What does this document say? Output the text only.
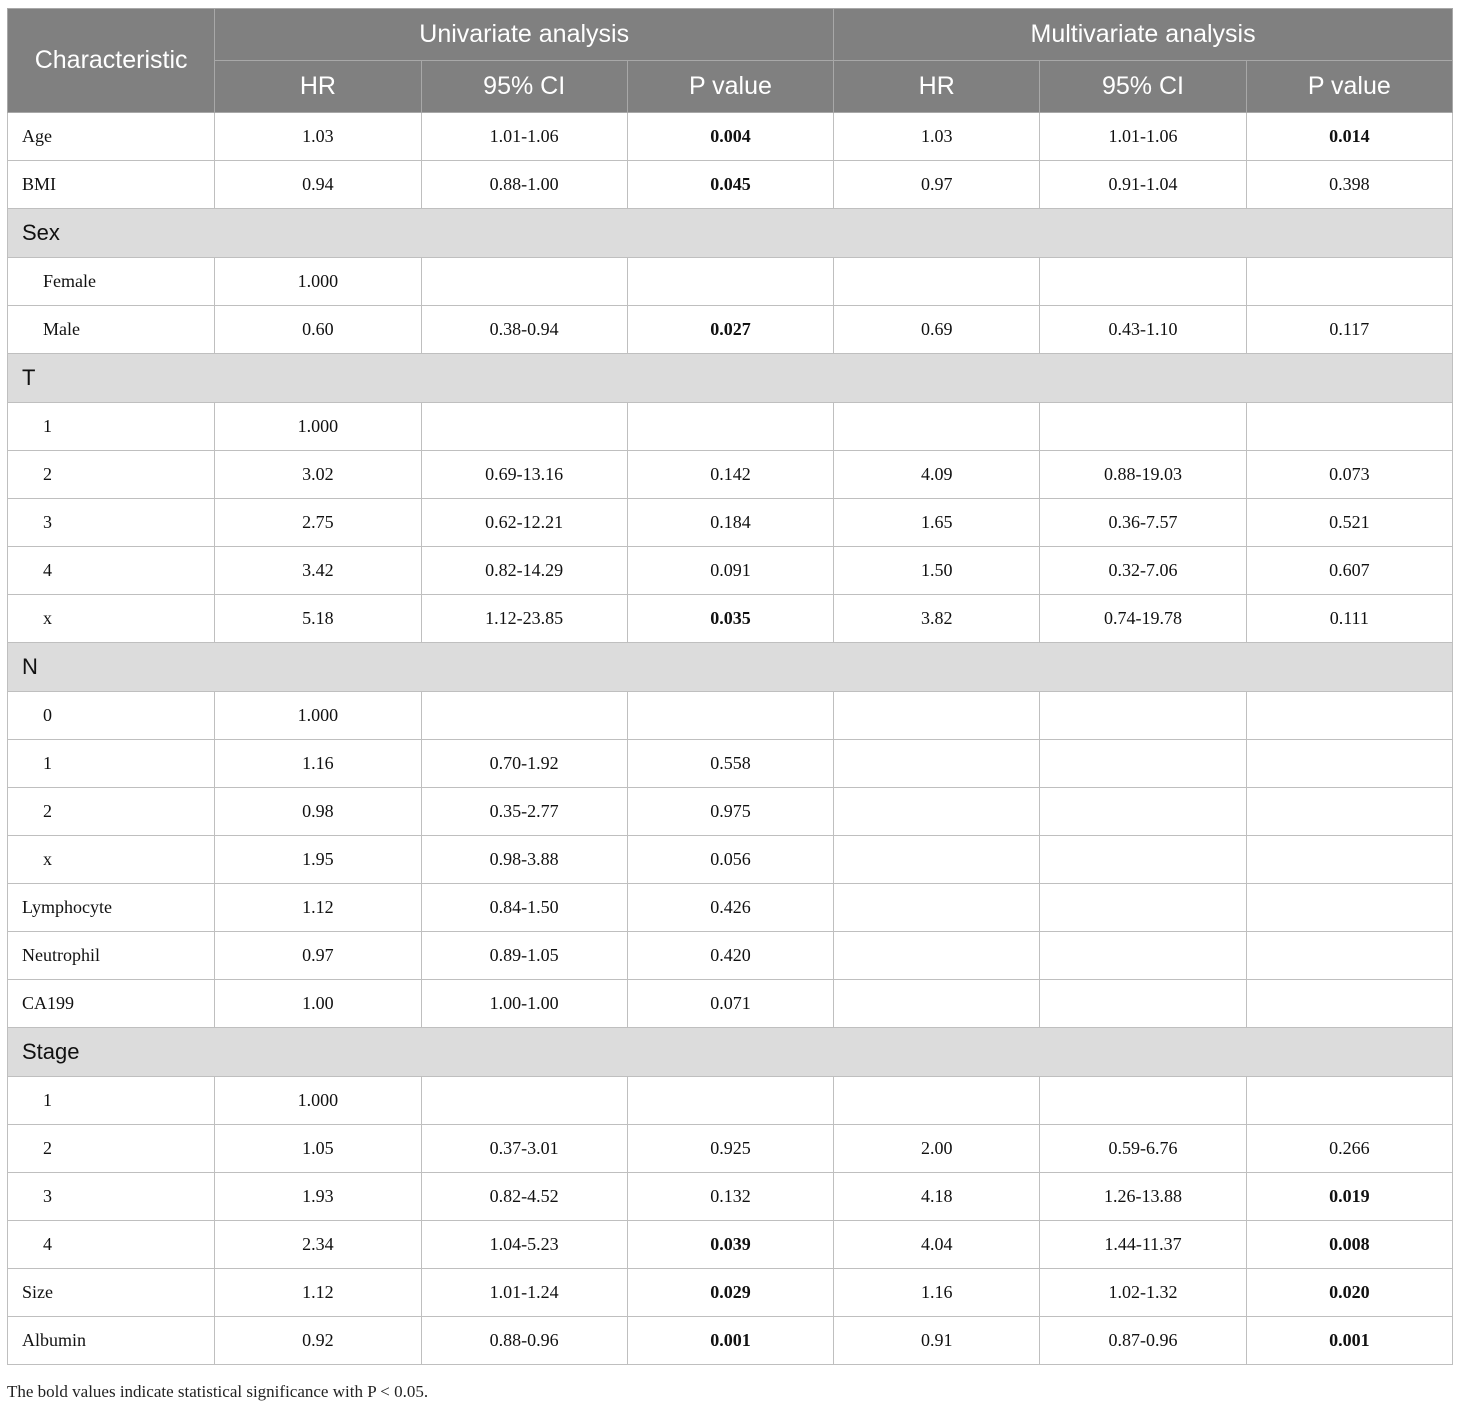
Characteristic	Univariate analysis			Multivariate analysis		
	HR	95% CI	P value	HR	95% CI	P value
Age	1.03	1.01-1.06	0.004	1.03	1.01-1.06	0.014
BMI	0.94	0.88-1.00	0.045	0.97	0.91-1.04	0.398
Sex						
Female	1.000					
Male	0.60	0.38-0.94	0.027	0.69	0.43-1.10	0.117
T						
1	1.000					
2	3.02	0.69-13.16	0.142	4.09	0.88-19.03	0.073
3	2.75	0.62-12.21	0.184	1.65	0.36-7.57	0.521
4	3.42	0.82-14.29	0.091	1.50	0.32-7.06	0.607
x	5.18	1.12-23.85	0.035	3.82	0.74-19.78	0.111
N						
0	1.000					
1	1.16	0.70-1.92	0.558			
2	0.98	0.35-2.77	0.975			
x	1.95	0.98-3.88	0.056			
Lymphocyte	1.12	0.84-1.50	0.426			
Neutrophil	0.97	0.89-1.05	0.420			
CA199	1.00	1.00-1.00	0.071			
Stage						
1	1.000					
2	1.05	0.37-3.01	0.925	2.00	0.59-6.76	0.266
3	1.93	0.82-4.52	0.132	4.18	1.26-13.88	0.019
4	2.34	1.04-5.23	0.039	4.04	1.44-11.37	0.008
Size	1.12	1.01-1.24	0.029	1.16	1.02-1.32	0.020
Albumin	0.92	0.88-0.96	0.001	0.91	0.87-0.96	0.001
The bold values indicate statistical significance with P < 0.05.
